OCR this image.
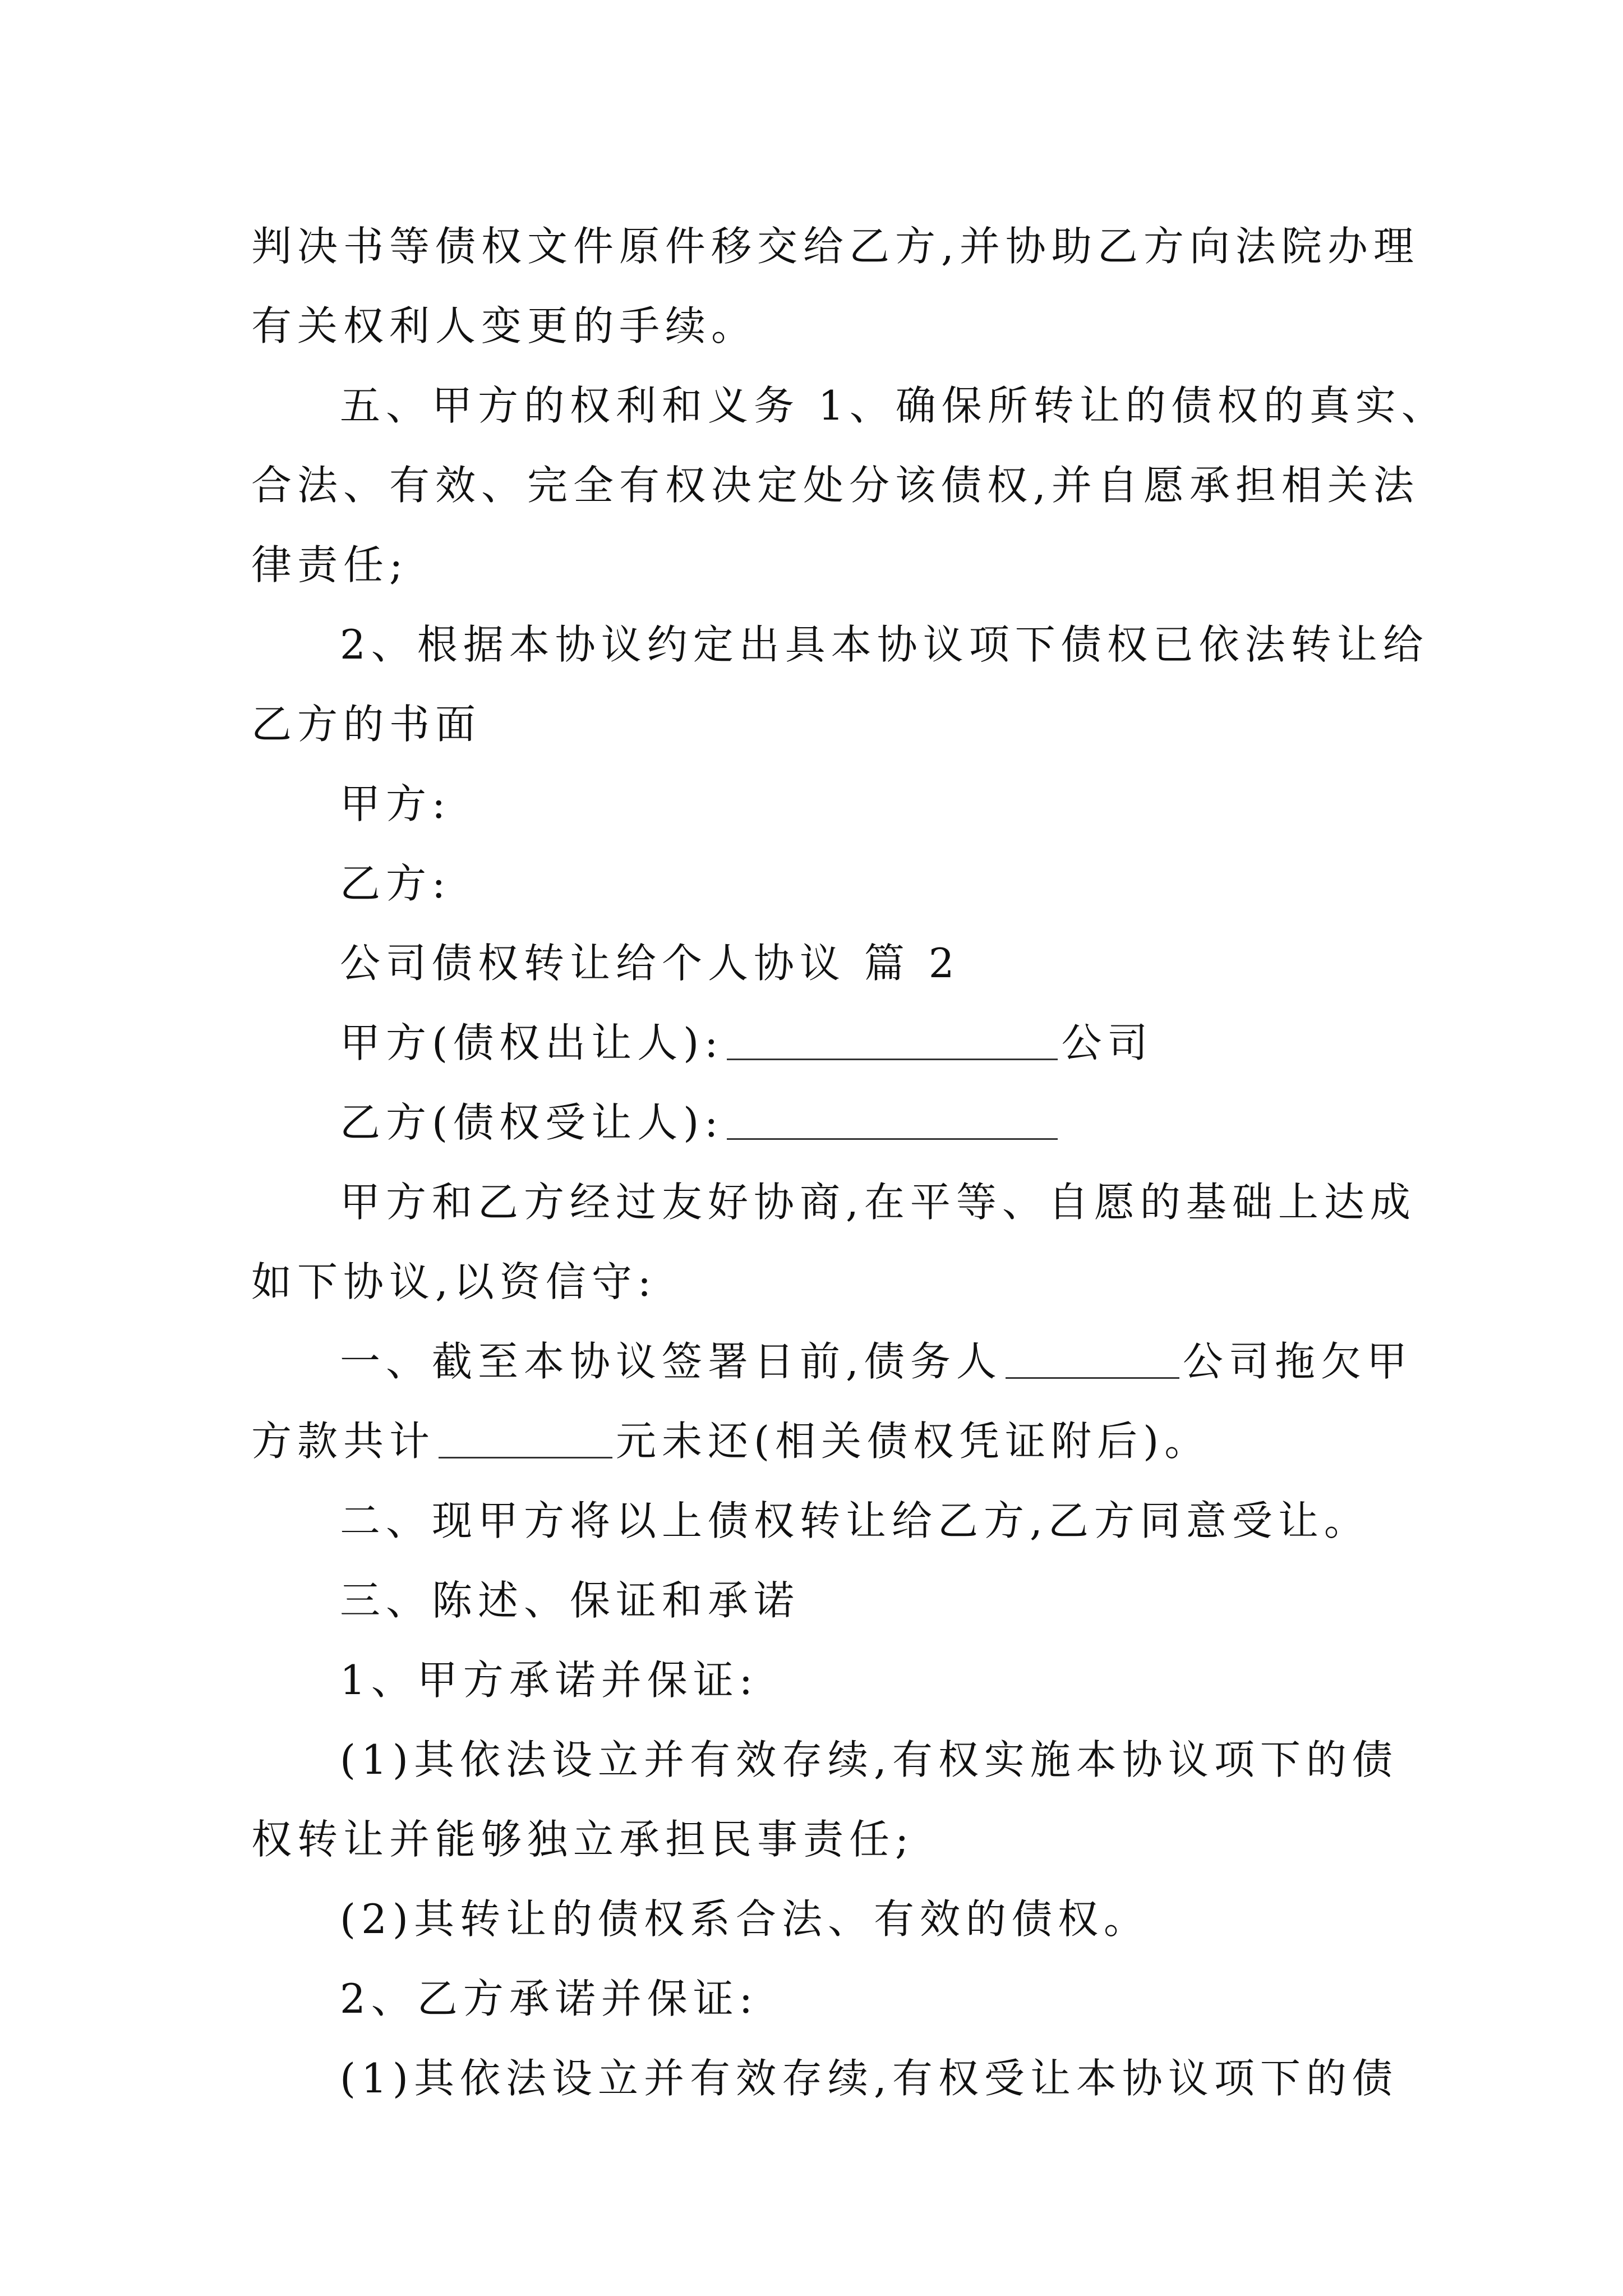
判决书等债权文件原件移交给乙方,并协助乙方向法院办理
有关权利人变更的手续。
五、甲方的权利和义务 1、确保所转让的债权的真实、
合法、有效、完全有权决定处分该债权,并自愿承担相关法
律责任;
2、根据本协议约定出具本协议项下债权已依法转让给
乙方的书面
甲方:
乙方:
公司债权转让给个人协议 篇 2
甲方(债权出让人):	公司
乙方(债权受让人):
甲方和乙方经过友好协商,在平等、自愿的基础上达成
如下协议,以资信守:
一、截至本协议签署日前,债务人	公司拖欠甲
方款共计	元未还(相关债权凭证附后)。
二、现甲方将以上债权转让给乙方,乙方同意受让。
三、陈述、保证和承诺
1、甲方承诺并保证:
(1)其依法设立并有效存续,有权实施本协议项下的债
权转让并能够独立承担民事责任;
(2)其转让的债权系合法、有效的债权。
2、乙方承诺并保证:
(1)其依法设立并有效存续,有权受让本协议项下的债
